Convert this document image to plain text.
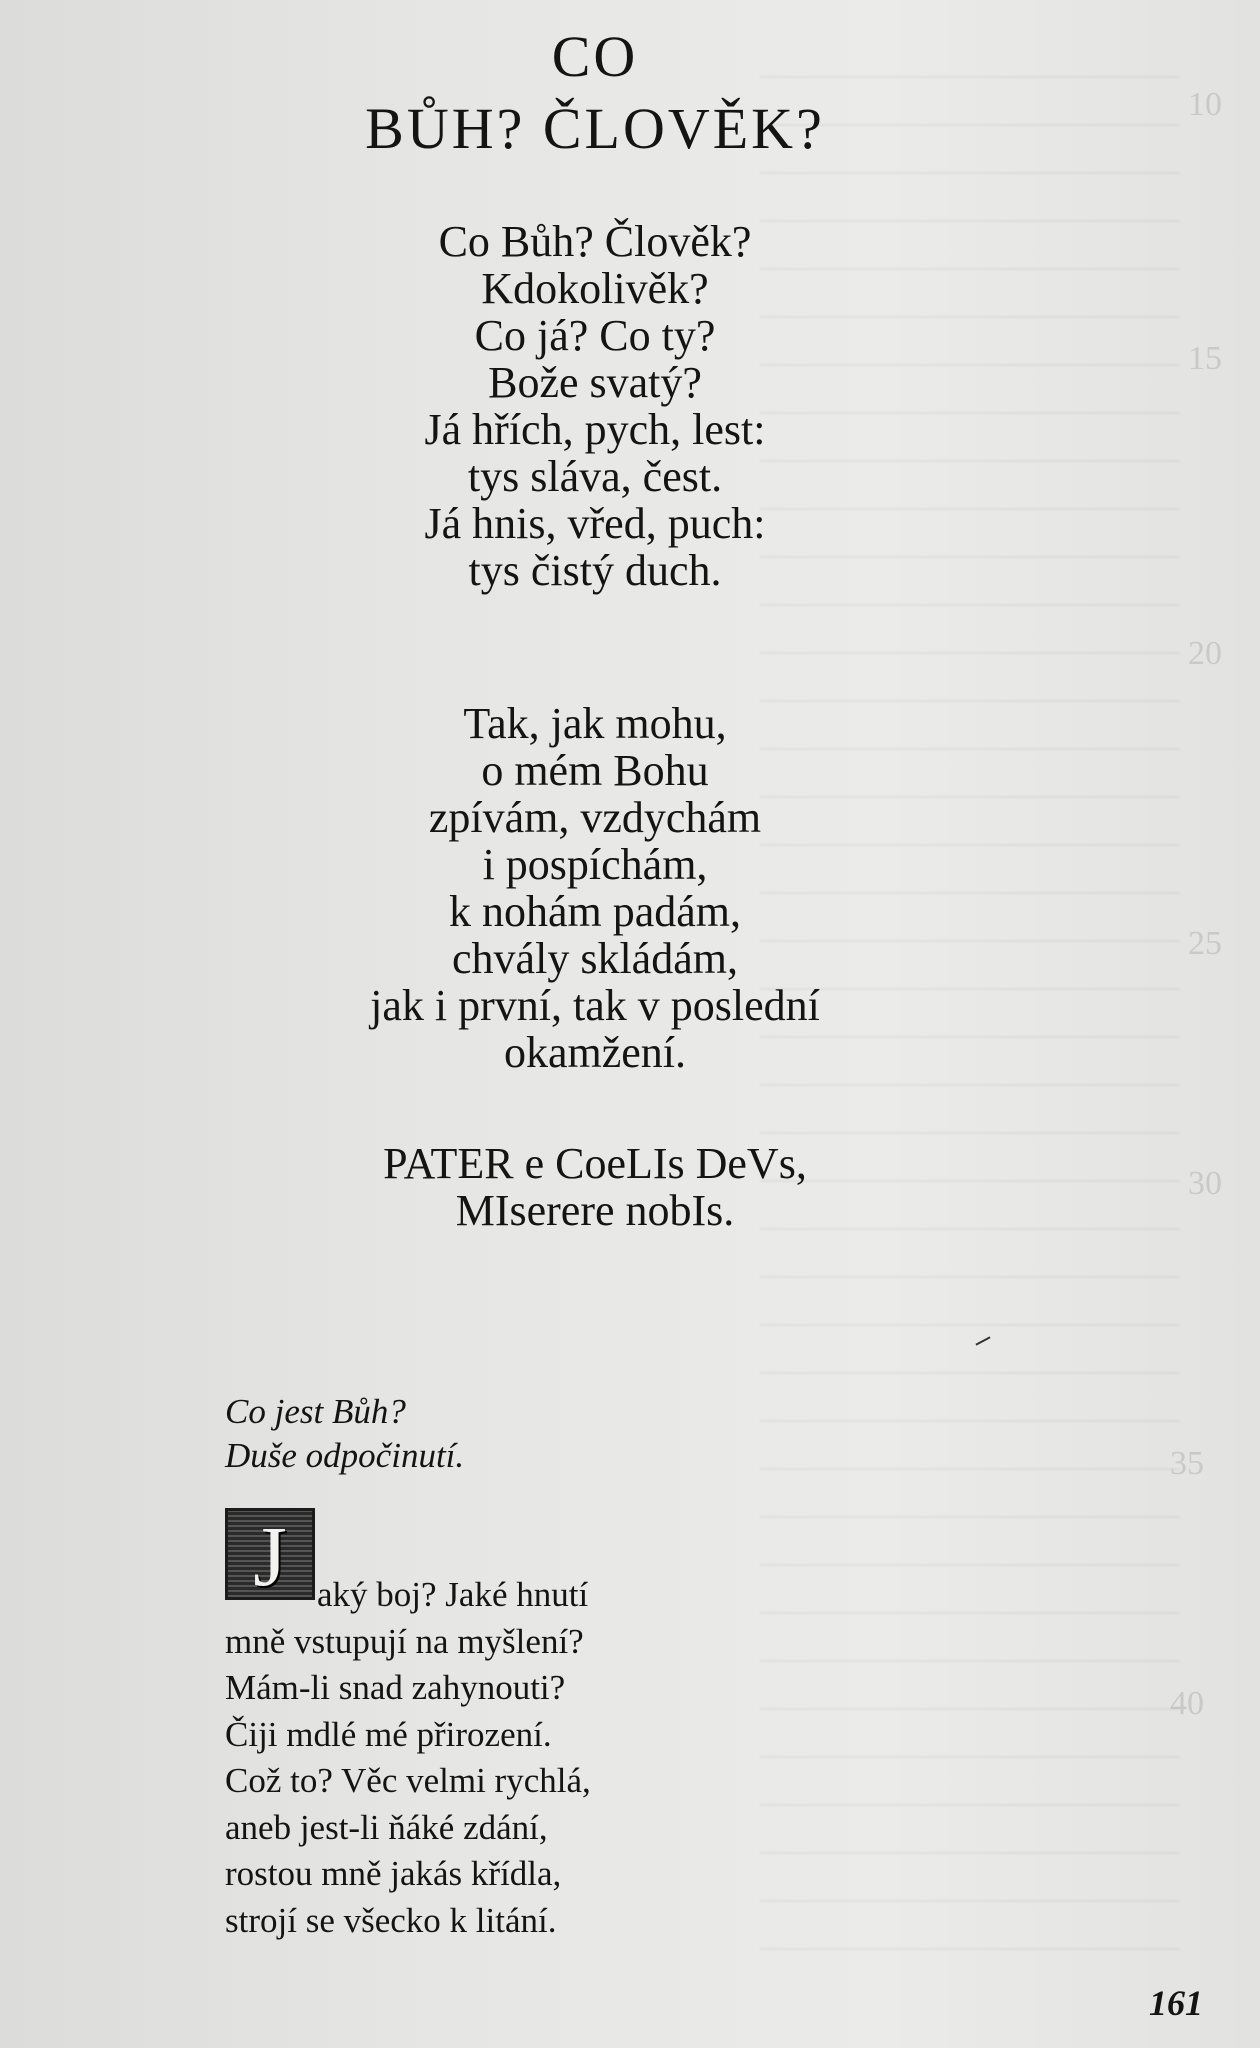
10
15
20
25
30
35
40
CO
BŮH? ČLOVĚK?
Co Bůh? Člověk?
Kdokolivěk?
Co já? Co ty?
Bože svatý?
Já hřích, pych, lest:
tys sláva, čest.
Já hnis, vřed, puch:
tys čistý duch.
Tak, jak mohu,
o mém Bohu
zpívám, vzdychám
i pospíchám,
k nohám padám,
chvály skládám,
jak i první, tak v poslední
okamžení.
PATER e CoeLIs DeVs,
MIserere nobIs.
Co jest Bůh?
Duše odpočinutí.
J aký boj? Jaké hnutí
mně vstupují na myšlení?
Mám-li snad zahynouti?
Čiji mdlé mé přirození.
Což to? Věc velmi rychlá,
aneb jest-li ňáké zdání,
rostou mně jakás křídla,
strojí se všecko k litání.
161
